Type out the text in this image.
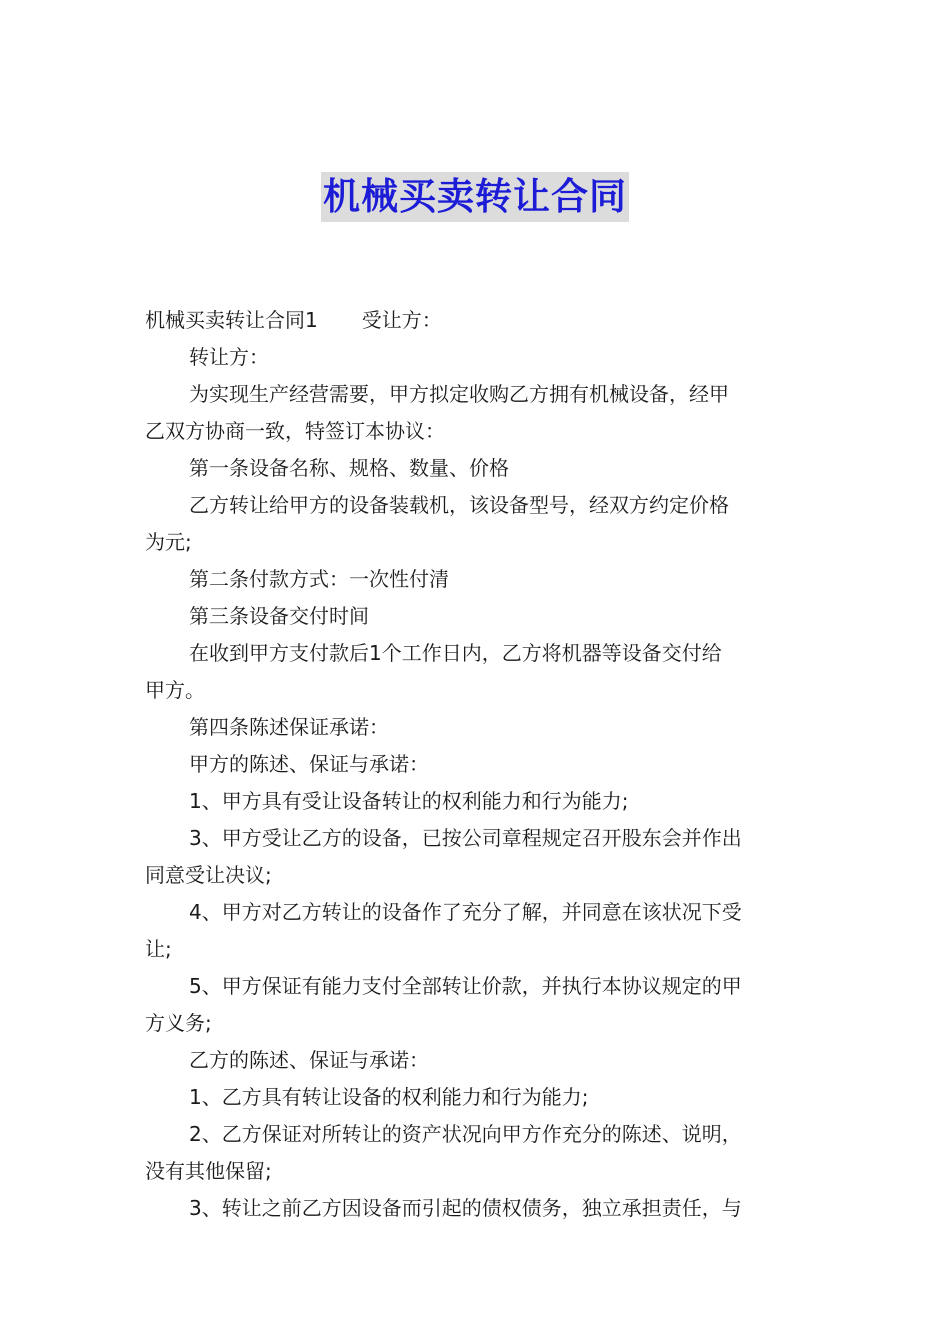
机械买卖转让合同
机械买卖转让合同1 受让方：
转让方：
为实现生产经营需要，甲方拟定收购乙方拥有机械设备，经甲
乙双方协商一致，特签订本协议：
第一条设备名称、规格、数量、价格
乙方转让给甲方的设备装载机，该设备型号，经双方约定价格
为元;
第二条付款方式：一次性付清
第三条设备交付时间
在收到甲方支付款后1个工作日内，乙方将机器等设备交付给
甲方。
第四条陈述保证承诺：
甲方的陈述、保证与承诺：
1、甲方具有受让设备转让的权利能力和行为能力;
3、甲方受让乙方的设备，已按公司章程规定召开股东会并作出
同意受让决议;
4、甲方对乙方转让的设备作了充分了解，并同意在该状况下受
让;
5、甲方保证有能力支付全部转让价款，并执行本协议规定的甲
方义务;
乙方的陈述、保证与承诺：
1、乙方具有转让设备的权利能力和行为能力;
2、乙方保证对所转让的资产状况向甲方作充分的陈述、说明，
没有其他保留;
3、转让之前乙方因设备而引起的债权债务，独立承担责任，与
